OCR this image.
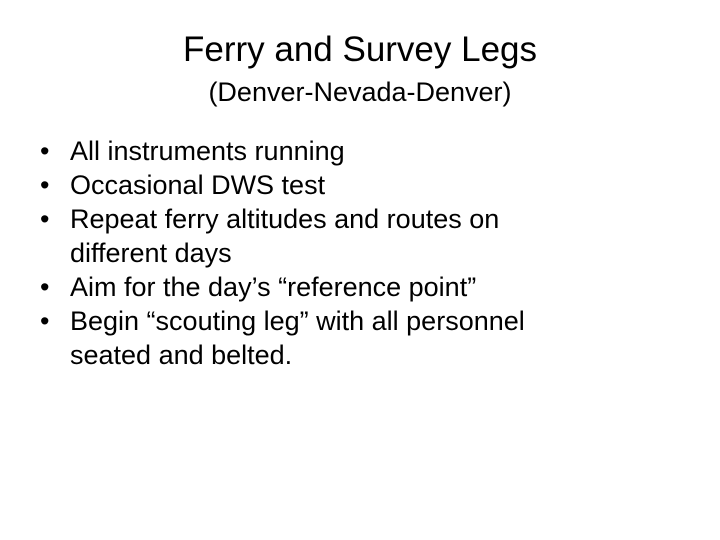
Ferry and Survey Legs
(Denver-Nevada-Denver)
• All instruments running
• Occasional DWS test
• Repeat ferry altitudes and routes on
different days
• Aim for the day’s “reference point”
• Begin “scouting leg” with all personnel
seated and belted.
